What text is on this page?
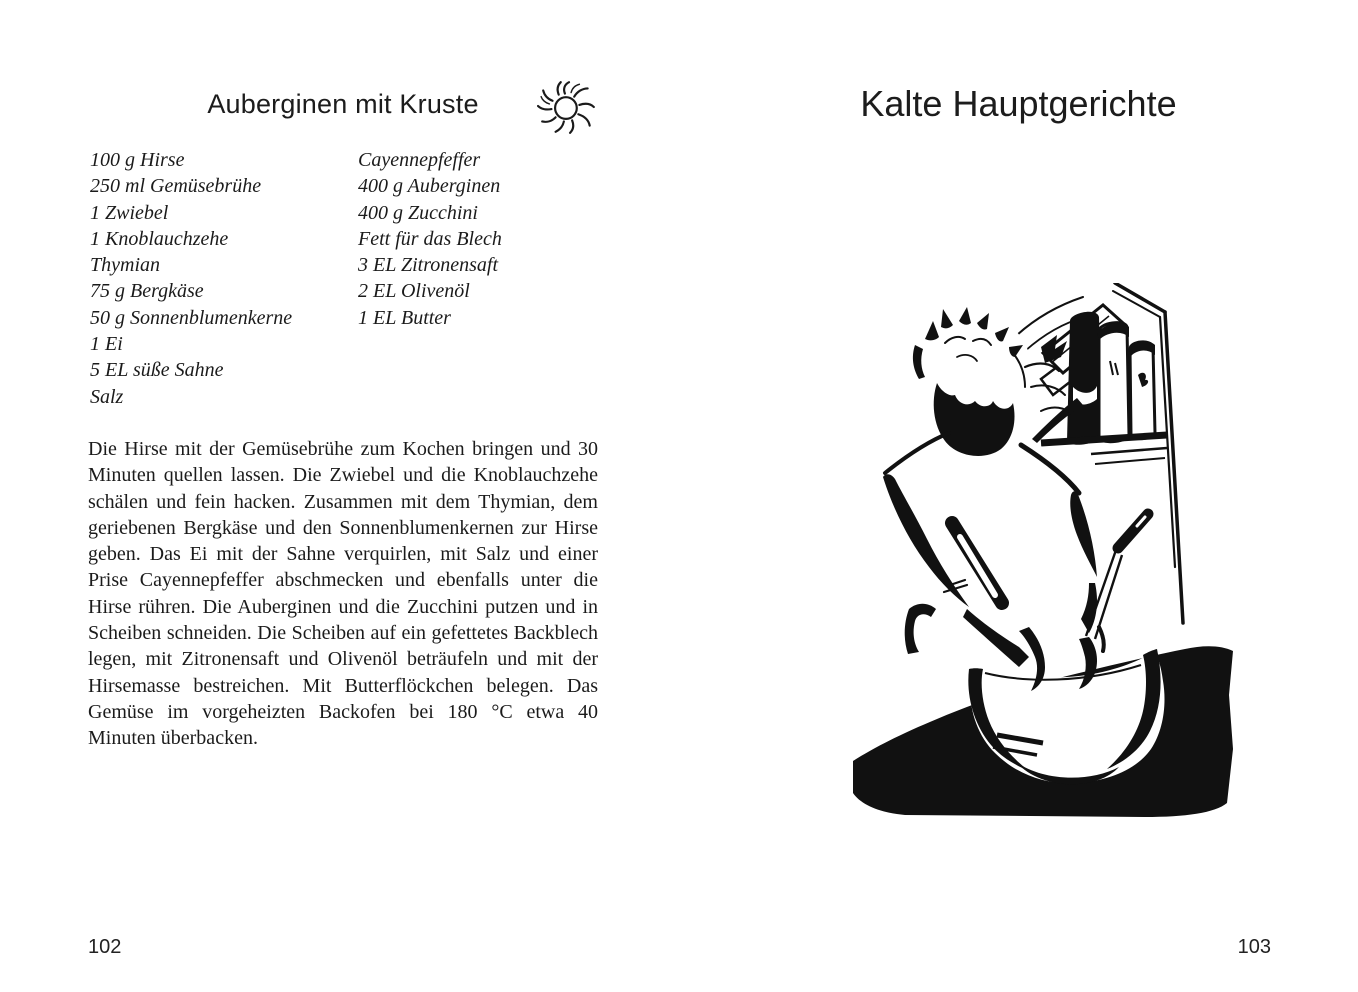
Auberginen mit Kruste
100 g Hirse
250 ml Gemüsebrühe
1 Zwiebel
1 Knoblauchzehe
Thymian
75 g Bergkäse
50 g Sonnenblumenkerne
1 Ei
5 EL süße Sahne
Salz
Cayennepfeffer
400 g Auberginen
400 g Zucchini
Fett für das Blech
3 EL Zitronensaft
2 EL Olivenöl
1 EL Butter
Die Hirse mit der Gemüsebrühe zum Kochen bringen und 30 Minuten quellen lassen. Die Zwiebel und die Knoblauchzehe schälen und fein hacken. Zusammen mit dem Thymian, dem geriebenen Bergkäse und den Sonnenblumenkernen zur Hirse geben. Das Ei mit der Sahne verquirlen, mit Salz und einer Prise Cayennepfeffer abschmecken und ebenfalls unter die Hirse rühren. Die Auberginen und die Zucchini putzen und in Scheiben schneiden. Die Scheiben auf ein gefettetes Backblech legen, mit Zitronensaft und Olivenöl beträufeln und mit der Hirsemasse bestreichen. Mit Butterflöckchen belegen. Das Gemüse im vorgeheizten Backofen bei 180 °C etwa 40 Minuten überbacken.
102
Kalte Hauptgerichte
103
